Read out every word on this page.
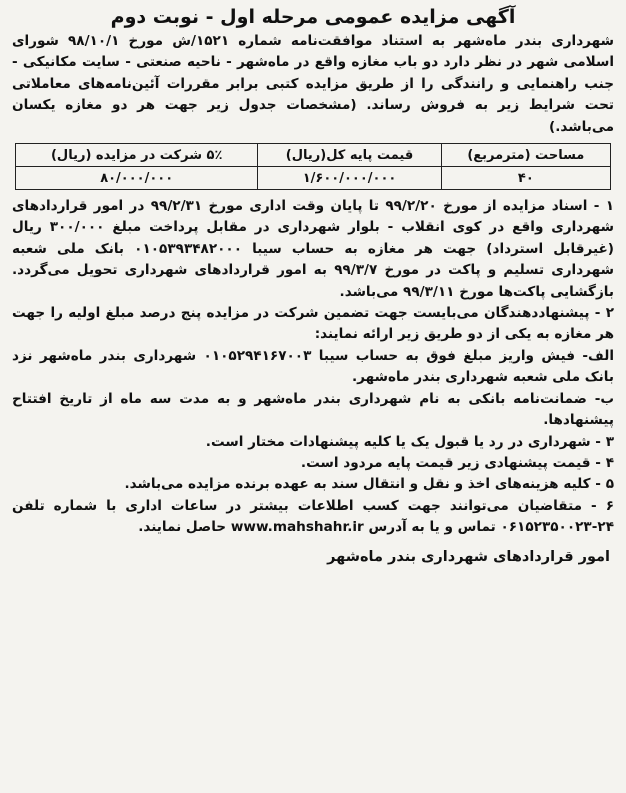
آگهی مزایده عمومی مرحله اول - نوبت دوم

شهرداری بندر ماه‌شهر به استناد موافقت‌نامه شماره ۱۵۲۱/ش مورخ ۹۸/۱۰/۱ شورای اسلامی شهر در نظر دارد دو باب مغازه واقع در ماه‌شهر - ناحیه صنعتی - سایت مکانیکی - جنب راهنمایی و رانندگی را از طریق مزایده کتبی برابر مقررات آئین‌نامه‌های معاملاتی تحت شرایط زیر به فروش رساند. (مشخصات جدول زیر جهت هر دو مغازه یکسان می‌باشد.)

مساحت (مترمربع)	قیمت پایه کل(ریال)	۵٪ شرکت در مزایده (ریال)
۴۰	۱/۶۰۰/۰۰۰/۰۰۰	۸۰/۰۰۰/۰۰۰

۱ - اسناد مزایده از مورخ ۹۹/۲/۲۰ تا پایان وقت اداری مورخ ۹۹/۲/۳۱ در امور قراردادهای شهرداری واقع در کوی انقلاب - بلوار شهرداری در مقابل پرداخت مبلغ ۳۰۰/۰۰۰ ریال (غیرقابل استرداد) جهت هر مغازه به حساب سیبا ۰۱۰۵۳۹۳۴۸۲۰۰۰ بانک ملی شعبه شهرداری تسلیم و پاکت در مورخ ۹۹/۳/۷ به امور قراردادهای شهرداری تحویل می‌گردد. بازگشایی پاکت‌ها مورخ ۹۹/۳/۱۱ می‌باشد.

۲ - پیشنهاددهندگان می‌بایست جهت تضمین شرکت در مزایده پنج درصد مبلغ اولیه را جهت هر مغازه به یکی از دو طریق زیر ارائه نمایند:

الف- فیش واریز مبلغ فوق به حساب سیبا ۰۱۰۵۲۹۴۱۶۷۰۰۳ شهرداری بندر ماه‌شهر نزد بانک ملی شعبه شهرداری بندر ماه‌شهر.

ب- ضمانت‌نامه بانکی به نام شهرداری بندر ماه‌شهر و به مدت سه ماه از تاریخ افتتاح پیشنهادها.

۳ - شهرداری در رد یا قبول یک یا کلیه پیشنهادات مختار است.

۴ - قیمت پیشنهادی زیر قیمت پایه مردود است.

۵ - کلیه هزینه‌های اخذ و نقل و انتقال سند به عهده برنده مزایده می‌باشد.

۶ - متقاضیان می‌توانند جهت کسب اطلاعات بیشتر در ساعات اداری با شماره تلفن ۲۴-۰۶۱۵۲۳۵۰۰۲۳ تماس و یا به آدرس www.mahshahr.ir حاصل نمایند.

امور قراردادهای شهرداری بندر ماه‌شهر
